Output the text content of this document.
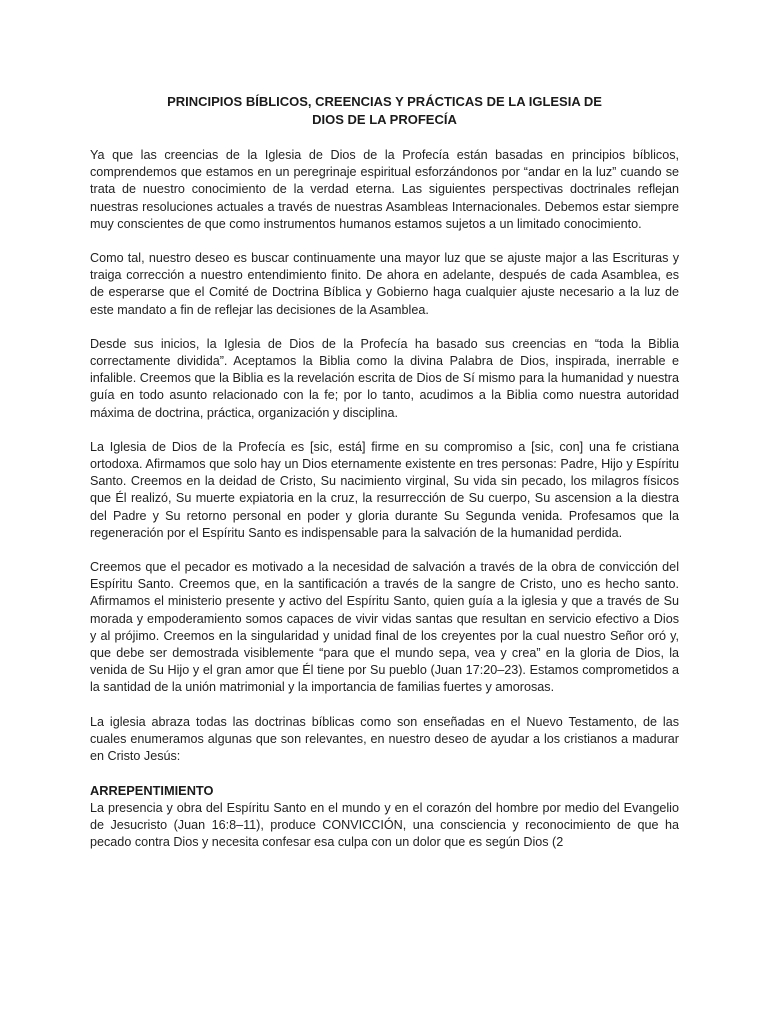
PRINCIPIOS BÍBLICOS, CREENCIAS Y PRÁCTICAS DE LA IGLESIA DE
DIOS DE LA PROFECÍA

Ya que las creencias de la Iglesia de Dios de la Profecía están basadas en principios bíblicos, comprendemos que estamos en un peregrinaje espiritual esforzándonos por “andar en la luz” cuando se trata de nuestro conocimiento de la verdad eterna. Las siguientes perspectivas doctrinales reflejan nuestras resoluciones actuales a través de nuestras Asambleas Internacionales. Debemos estar siempre muy conscientes de que como instrumentos humanos estamos sujetos a un limitado conocimiento.

Como tal, nuestro deseo es buscar continuamente una mayor luz que se ajuste major a las Escrituras y traiga corrección a nuestro entendimiento finito. De ahora en adelante, después de cada Asamblea, es de esperarse que el Comité de Doctrina Bíblica y Gobierno haga cualquier ajuste necesario a la luz de este mandato a fin de reflejar las decisiones de la Asamblea.

Desde sus inicios, la Iglesia de Dios de la Profecía ha basado sus creencias en “toda la Biblia correctamente dividida”. Aceptamos la Biblia como la divina Palabra de Dios, inspirada, inerrable e infalible. Creemos que la Biblia es la revelación escrita de Dios de Sí mismo para la humanidad y nuestra guía en todo asunto relacionado con la fe; por lo tanto, acudimos a la Biblia como nuestra autoridad máxima de doctrina, práctica, organización y disciplina.

La Iglesia de Dios de la Profecía es [sic, está] firme en su compromiso a [sic, con] una fe cristiana ortodoxa. Afirmamos que solo hay un Dios eternamente existente en tres personas: Padre, Hijo y Espíritu Santo. Creemos en la deidad de Cristo, Su nacimiento virginal, Su vida sin pecado, los milagros físicos que Él realizó, Su muerte expiatoria en la cruz, la resurrección de Su cuerpo, Su ascension a la diestra del Padre y Su retorno personal en poder y gloria durante Su Segunda venida. Profesamos que la regeneración por el Espíritu Santo es indispensable para la salvación de la humanidad perdida.

Creemos que el pecador es motivado a la necesidad de salvación a través de la obra de convicción del Espíritu Santo. Creemos que, en la santificación a través de la sangre de Cristo, uno es hecho santo. Afirmamos el ministerio presente y activo del Espíritu Santo, quien guía a la iglesia y que a través de Su morada y empoderamiento somos capaces de vivir vidas santas que resultan en servicio efectivo a Dios y al prójimo. Creemos en la singularidad y unidad final de los creyentes por la cual nuestro Señor oró y, que debe ser demostrada visiblemente “para que el mundo sepa, vea y crea” en la gloria de Dios, la venida de Su Hijo y el gran amor que Él tiene por Su pueblo (Juan 17:20–23). Estamos comprometidos a la santidad de la unión matrimonial y la importancia de familias fuertes y amorosas.

La iglesia abraza todas las doctrinas bíblicas como son enseñadas en el Nuevo Testamento, de las cuales enumeramos algunas que son relevantes, en nuestro deseo de ayudar a los cristianos a madurar en Cristo Jesús:

ARREPENTIMIENTO

La presencia y obra del Espíritu Santo en el mundo y en el corazón del hombre por medio del Evangelio de Jesucristo (Juan 16:8–11), produce CONVICCIÓN, una consciencia y reconocimiento de que ha pecado contra Dios y necesita confesar esa culpa con un dolor que es según Dios (2
